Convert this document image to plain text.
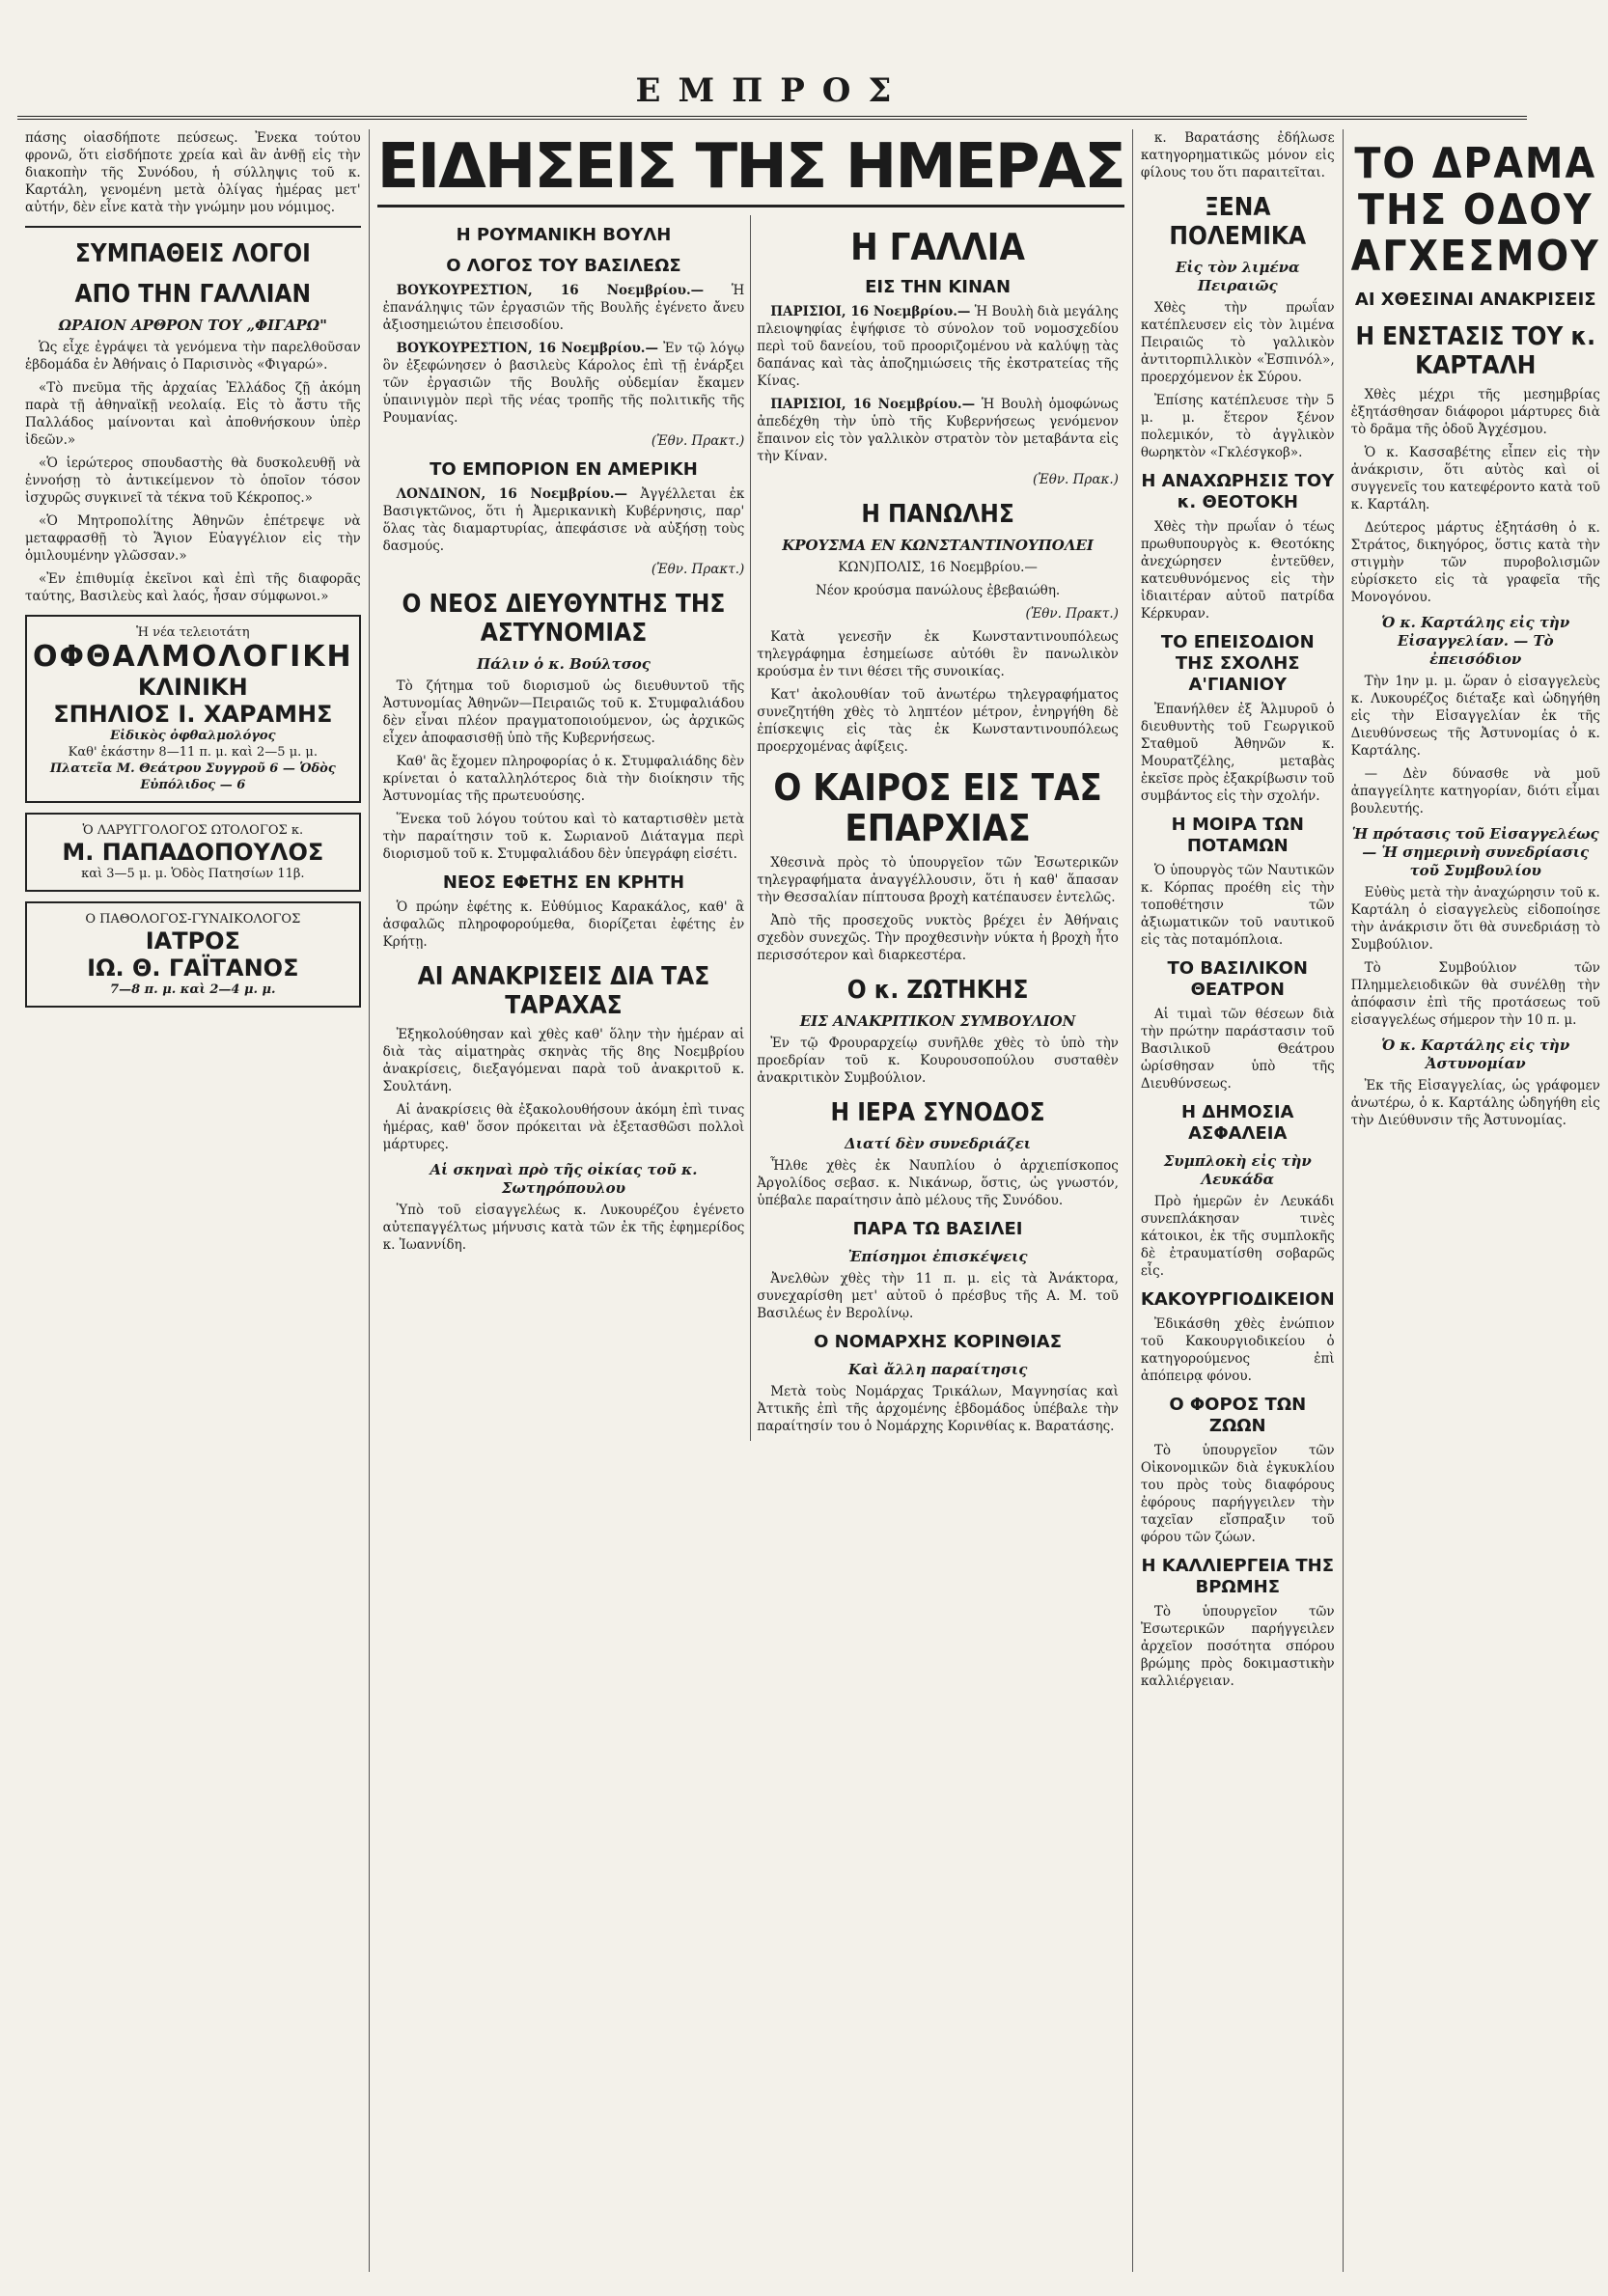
ΕΜΠΡΟΣ

πάσης οἰασδήποτε πεύσεως. Ἐνεκα τούτου φρονῶ, ὅτι εἰσδήποτε χρεία καὶ ἂν ἀνθῇ εἰς τὴν διακοπὴν τῆς Συνόδου, ἡ σύλληψις τοῦ κ. Καρτάλη, γενομένη μετὰ ὀλίγας ἡμέρας μετ' αὐτήν, δὲν εἶνε κατὰ τὴν γνώμην μου νόμιμος.

ΣΥΜΠΑΘΕΙΣ ΛΟΓΟΙ
ΑΠΟ ΤΗΝ ΓΑΛΛΙΑΝ
ΩΡΑΙΟΝ ΑΡΘΡΟΝ ΤΟΥ „ΦΙΓΑΡΩ"

Ὡς εἶχε ἐγράψει τὰ γενόμενα τὴν παρελθοῦσαν ἑβδομάδα ἐν Ἀθήναις ὁ Παρισινὸς «Φιγαρώ».

«Τὸ πνεῦμα τῆς ἀρχαίας Ἑλλάδος ζῇ ἀκόμη παρὰ τῇ ἀθηναϊκῇ νεολαίᾳ. Εἰς τὸ ἄστυ τῆς Παλλάδος μαίνονται καὶ ἀποθνήσκουν ὑπὲρ ἰδεῶν.»

«Ὁ ἱερώτερος σπουδαστὴς θὰ δυσκολευθῇ νὰ ἐννοήσῃ τὸ ἀντικείμενον τὸ ὁποῖον τόσον ἰσχυρῶς συγκινεῖ τὰ τέκνα τοῦ Κέκροπος.»

«Ὁ Μητροπολίτης Ἀθηνῶν ἐπέτρεψε νὰ μεταφρασθῇ τὸ Ἅγιον Εὐαγγέλιον εἰς τὴν ὁμιλουμένην γλῶσσαν.»

«Ἐν ἐπιθυμίᾳ ἐκεῖνοι καὶ ἐπὶ τῆς διαφορᾶς ταύτης, Βασιλεὺς καὶ λαός, ἦσαν σύμφωνοι.»

Ἡ νέα τελειοτάτη
ΟΦΘΑΛΜΟΛΟΓΙΚΗ
ΚΛΙΝΙΚΗ
ΣΠΗΛΙΟΣ Ι. ΧΑΡΑΜΗΣ
Εἰδικὸς ὀφθαλμολόγος
Καθ' ἑκάστην 8—11 π. μ. καὶ 2—5 μ. μ.
Πλατεῖα Μ. Θεάτρου Συγγροῦ 6 — Ὁδὸς Εὐπόλιδος — 6
Ὁ ΛΑΡΥΓΓΟΛΟΓΟΣ ΩΤΟΛΟΓΟΣ κ.
Μ. ΠΑΠΑΔΟΠΟΥΛΟΣ
καὶ 3—5 μ. μ. Ὁδὸς Πατησίων 11β.
Ο ΠΑΘΟΛΟΓΟΣ-ΓΥΝΑΙΚΟΛΟΓΟΣ
ΙΑΤΡΟΣ
ΙΩ. Θ. ΓΑΪΤΑΝΟΣ
7—8 π. μ. καὶ 2—4 μ. μ.
ΕΙΔΗΣΕΙΣ ΤΗΣ ΗΜΕΡΑΣ
Η ΡΟΥΜΑΝΙΚΗ ΒΟΥΛΗ
Ο ΛΟΓΟΣ ΤΟΥ ΒΑΣΙΛΕΩΣ

ΒΟΥΚΟΥΡΕΣΤΙΟΝ, 16 Νοεμβρίου.— Ἡ ἐπανάληψις τῶν ἐργασιῶν τῆς Βουλῆς ἐγένετο ἄνευ ἀξιοσημειώτου ἐπεισοδίου.

ΒΟΥΚΟΥΡΕΣΤΙΟΝ, 16 Νοεμβρίου.— Ἐν τῷ λόγῳ ὃν ἐξεφώνησεν ὁ βασιλεὺς Κάρολος ἐπὶ τῇ ἐνάρξει τῶν ἐργασιῶν τῆς Βουλῆς οὐδεμίαν ἔκαμεν ὑπαινιγμὸν περὶ τῆς νέας τροπῆς τῆς πολιτικῆς τῆς Ρουμανίας.

(Ἐθν. Πρακτ.)

ΤΟ ΕΜΠΟΡΙΟΝ ΕΝ ΑΜΕΡΙΚΗ

ΛΟΝΔΙΝΟΝ, 16 Νοεμβρίου.— Ἀγγέλλεται ἐκ Βασιγκτῶνος, ὅτι ἡ Ἀμερικανικὴ Κυβέρνησις, παρ' ὅλας τὰς διαμαρτυρίας, ἀπεφάσισε νὰ αὐξήσῃ τοὺς δασμούς.

(Ἐθν. Πρακτ.)

Ο ΝΕΟΣ ΔΙΕΥΘΥΝΤΗΣ ΤΗΣ ΑΣΤΥΝΟΜΙΑΣ
Πάλιν ὁ κ. Βούλτσος

Τὸ ζήτημα τοῦ διορισμοῦ ὡς διευθυντοῦ τῆς Ἀστυνομίας Ἀθηνῶν—Πειραιῶς τοῦ κ. Στυμφαλιάδου δὲν εἶναι πλέον πραγματοποιούμενον, ὡς ἀρχικῶς εἶχεν ἀποφασισθῇ ὑπὸ τῆς Κυβερνήσεως.

Καθ' ἃς ἔχομεν πληροφορίας ὁ κ. Στυμφαλιάδης δὲν κρίνεται ὁ καταλληλότερος διὰ τὴν διοίκησιν τῆς Ἀστυνομίας τῆς πρωτευούσης.

Ἕνεκα τοῦ λόγου τούτου καὶ τὸ καταρτισθὲν μετὰ τὴν παραίτησιν τοῦ κ. Σωριανοῦ Διάταγμα περὶ διορισμοῦ τοῦ κ. Στυμφαλιάδου δὲν ὑπεγράφη εἰσέτι.

ΝΕΟΣ ΕΦΕΤΗΣ ΕΝ ΚΡΗΤΗ

Ὁ πρώην ἐφέτης κ. Εὐθύμιος Καρακάλος, καθ' ἃ ἀσφαλῶς πληροφορούμεθα, διορίζεται ἐφέτης ἐν Κρήτῃ.

ΑΙ ΑΝΑΚΡΙΣΕΙΣ ΔΙΑ ΤΑΣ ΤΑΡΑΧΑΣ

Ἐξηκολούθησαν καὶ χθὲς καθ' ὅλην τὴν ἡμέραν αἱ διὰ τὰς αἱματηρὰς σκηνὰς τῆς 8ης Νοεμβρίου ἀνακρίσεις, διεξαγόμεναι παρὰ τοῦ ἀνακριτοῦ κ. Σουλτάνη.

Αἱ ἀνακρίσεις θὰ ἐξακολουθήσουν ἀκόμη ἐπὶ τινας ἡμέρας, καθ' ὅσον πρόκειται νὰ ἐξετασθῶσι πολλοὶ μάρτυρες.

Αἱ σκηναὶ πρὸ τῆς οἰκίας τοῦ κ. Σωτηρόπουλου

Ὑπὸ τοῦ εἰσαγγελέως κ. Λυκουρέζου ἐγένετο αὐτεπαγγέλτως μήνυσις κατὰ τῶν ἐκ τῆς ἐφημερίδος κ. Ἰωαννίδη.

Η ΓΑΛΛΙΑ
ΕΙΣ ΤΗΝ ΚΙΝΑΝ

ΠΑΡΙΣΙΟΙ, 16 Νοεμβρίου.— Ἡ Βουλὴ διὰ μεγάλης πλειοψηφίας ἐψήφισε τὸ σύνολον τοῦ νομοσχεδίου περὶ τοῦ δανείου, τοῦ προοριζομένου νὰ καλύψῃ τὰς δαπάνας καὶ τὰς ἀποζημιώσεις τῆς ἐκστρατείας τῆς Κίνας.

ΠΑΡΙΣΙΟΙ, 16 Νοεμβρίου.— Ἡ Βουλὴ ὁμοφώνως ἀπεδέχθη τὴν ὑπὸ τῆς Κυβερνήσεως γενόμενον ἔπαινον εἰς τὸν γαλλικὸν στρατὸν τὸν μεταβάντα εἰς τὴν Κίναν.

(Ἐθν. Πρακ.)

Η ΠΑΝΩΛΗΣ
ΚΡΟΥΣΜΑ ΕΝ ΚΩΝΣΤΑΝΤΙΝΟΥΠΟΛΕΙ

ΚΩΝ)ΠΟΛΙΣ, 16 Νοεμβρίου.—

Νέον κρούσμα πανώλους ἐβεβαιώθη.

(Ἐθν. Πρακτ.)

Κατὰ γενεσῆν ἐκ Κωνσταντινουπόλεως τηλεγράφημα ἐσημείωσε αὐτόθι ἓν πανωλικὸν κρούσμα ἐν τινι θέσει τῆς συνοικίας.

Κατ' ἀκολουθίαν τοῦ ἀνωτέρω τηλεγραφήματος συνεζητήθη χθὲς τὸ ληπτέον μέτρον, ἐνηργήθη δὲ ἐπίσκεψις εἰς τὰς ἐκ Κωνσταντινουπόλεως προερχομένας ἀφίξεις.

Ο ΚΑΙΡΟΣ ΕΙΣ ΤΑΣ ΕΠΑΡΧΙΑΣ

Χθεσινὰ πρὸς τὸ ὑπουργεῖον τῶν Ἐσωτερικῶν τηλεγραφήματα ἀναγγέλλουσιν, ὅτι ἡ καθ' ἅπασαν τὴν Θεσσαλίαν πίπτουσα βροχὴ κατέπαυσεν ἐντελῶς.

Ἀπὸ τῆς προσεχοῦς νυκτὸς βρέχει ἐν Ἀθήναις σχεδὸν συνεχῶς. Τὴν προχθεσινὴν νύκτα ἡ βροχὴ ἦτο περισσότερον καὶ διαρκεστέρα.

Ο κ. ΖΩΤΗΚΗΣ
ΕΙΣ ΑΝΑΚΡΙΤΙΚΟΝ ΣΥΜΒΟΥΛΙΟΝ

Ἐν τῷ Φρουραρχείῳ συνῆλθε χθὲς τὸ ὑπὸ τὴν προεδρίαν τοῦ κ. Κουρουσοπούλου συσταθὲν ἀνακριτικὸν Συμβούλιον.

Η ΙΕΡΑ ΣΥΝΟΔΟΣ
Διατί δὲν συνεδριάζει

Ἦλθε χθὲς ἐκ Ναυπλίου ὁ ἀρχιεπίσκοπος Ἀργολίδος σεβασ. κ. Νικάνωρ, ὅστις, ὡς γνωστόν, ὑπέβαλε παραίτησιν ἀπὸ μέλους τῆς Συνόδου.

ΠΑΡΑ ΤΩ ΒΑΣΙΛΕΙ
Ἐπίσημοι ἐπισκέψεις

Ἀνελθὼν χθὲς τὴν 11 π. μ. εἰς τὰ Ἀνάκτορα, συνεχαρίσθη μετ' αὐτοῦ ὁ πρέσβυς τῆς Α. Μ. τοῦ Βασιλέως ἐν Βερολίνῳ.

Ο ΝΟΜΑΡΧΗΣ ΚΟΡΙΝΘΙΑΣ
Καὶ ἄλλη παραίτησις

Μετὰ τοὺς Νομάρχας Τρικάλων, Μαγνησίας καὶ Ἀττικῆς ἐπὶ τῆς ἀρχομένης ἑβδομάδος ὑπέβαλε τὴν παραίτησίν του ὁ Νομάρχης Κορινθίας κ. Βαρατάσης.

κ. Βαρατάσης ἐδήλωσε κατηγορηματικῶς μόνον εἰς φίλους του ὅτι παραιτεῖται.

ΞΕΝΑ ΠΟΛΕΜΙΚΑ
Εἰς τὸν λιμένα Πειραιῶς

Χθὲς τὴν πρωΐαν κατέπλευσεν εἰς τὸν λιμένα Πειραιῶς τὸ γαλλικὸν ἀντιτορπιλλικὸν «Ἐσπινόλ», προερχόμενον ἐκ Σύρου.

Ἐπίσης κατέπλευσε τὴν 5 μ. μ. ἕτερον ξένον πολεμικόν, τὸ ἀγγλικὸν θωρηκτὸν «Γκλέσγκοβ».

Η ΑΝΑΧΩΡΗΣΙΣ ΤΟΥ κ. ΘΕΟΤΟΚΗ

Χθὲς τὴν πρωΐαν ὁ τέως πρωθυπουργὸς κ. Θεοτόκης ἀνεχώρησεν ἐντεῦθεν, κατευθυνόμενος εἰς τὴν ἰδιαιτέραν αὐτοῦ πατρίδα Κέρκυραν.

ΤΟ ΕΠΕΙΣΟΔΙΟΝ ΤΗΣ ΣΧΟΛΗΣ Α'ΓΙΑΝΙΟΥ

Ἐπανήλθεν ἐξ Ἁλμυροῦ ὁ διευθυντὴς τοῦ Γεωργικοῦ Σταθμοῦ Ἀθηνῶν κ. Μουρατζέλης, μεταβὰς ἐκεῖσε πρὸς ἐξακρίβωσιν τοῦ συμβάντος εἰς τὴν σχολήν.

Η ΜΟΙΡΑ ΤΩΝ ΠΟΤΑΜΩΝ

Ὁ ὑπουργὸς τῶν Ναυτικῶν κ. Κόρπας προέθη εἰς τὴν τοποθέτησιν τῶν ἀξιωματικῶν τοῦ ναυτικοῦ εἰς τὰς ποταμόπλοια.

ΤΟ ΒΑΣΙΛΙΚΟΝ ΘΕΑΤΡΟΝ

Αἱ τιμαὶ τῶν θέσεων διὰ τὴν πρώτην παράστασιν τοῦ Βασιλικοῦ Θεάτρου ὡρίσθησαν ὑπὸ τῆς Διευθύνσεως.

Η ΔΗΜΟΣΙΑ ΑΣΦΑΛΕΙΑ
Συμπλοκὴ εἰς τὴν Λευκάδα

Πρὸ ἡμερῶν ἐν Λευκάδι συνεπλάκησαν τινὲς κάτοικοι, ἐκ τῆς συμπλοκῆς δὲ ἐτραυματίσθη σοβαρῶς εἷς.

ΚΑΚΟΥΡΓΙΟΔΙΚΕΙΟΝ

Ἐδικάσθη χθὲς ἐνώπιον τοῦ Κακουργιοδικείου ὁ κατηγορούμενος ἐπὶ ἀπόπειρᾳ φόνου.

Ο ΦΟΡΟΣ ΤΩΝ ΖΩΩΝ

Τὸ ὑπουργεῖον τῶν Οἰκονομικῶν διὰ ἐγκυκλίου του πρὸς τοὺς διαφόρους ἐφόρους παρήγγειλεν τὴν ταχεῖαν εἴσπραξιν τοῦ φόρου τῶν ζώων.

Η ΚΑΛΛΙΕΡΓΕΙΑ ΤΗΣ ΒΡΩΜΗΣ

Τὸ ὑπουργεῖον τῶν Ἐσωτερικῶν παρήγγειλεν ἀρχεῖον ποσότητα σπόρου βρώμης πρὸς δοκιμαστικὴν καλλιέργειαν.

ΤΟ ΔΡΑΜΑ ΤΗΣ ΟΔΟΥ ΑΓΧΕΣΜΟΥ
ΑΙ ΧΘΕΣΙΝΑΙ ΑΝΑΚΡΙΣΕΙΣ
Η ΕΝΣΤΑΣΙΣ ΤΟΥ κ. ΚΑΡΤΑΛΗ

Χθὲς μέχρι τῆς μεσημβρίας ἐξητάσθησαν διάφοροι μάρτυρες διὰ τὸ δρᾶμα τῆς ὁδοῦ Ἀγχέσμου.

Ὁ κ. Κασσαβέτης εἶπεν εἰς τὴν ἀνάκρισιν, ὅτι αὐτὸς καὶ οἱ συγγενεῖς του κατεφέροντο κατὰ τοῦ κ. Καρτάλη.

Δεύτερος μάρτυς ἐξητάσθη ὁ κ. Στράτος, δικηγόρος, ὅστις κατὰ τὴν στιγμὴν τῶν πυροβολισμῶν εὑρίσκετο εἰς τὰ γραφεῖα τῆς Μονογόνου.

Ὁ κ. Καρτάλης εἰς τὴν Εἰσαγγελίαν. — Τὸ ἐπεισόδιον

Τὴν 1ην μ. μ. ὥραν ὁ εἰσαγγελεὺς κ. Λυκουρέζος διέταξε καὶ ὡδηγήθη εἰς τὴν Εἰσαγγελίαν ἐκ τῆς Διευθύνσεως τῆς Ἀστυνομίας ὁ κ. Καρτάλης.

— Δὲν δύνασθε νὰ μοῦ ἀπαγγείλητε κατηγορίαν, διότι εἶμαι βουλευτής.

Ἡ πρότασις τοῦ Εἰσαγγελέως — Ἡ σημερινὴ συνεδρίασις τοῦ Συμβουλίου

Εὐθὺς μετὰ τὴν ἀναχώρησιν τοῦ κ. Καρτάλη ὁ εἰσαγγελεὺς εἰδοποίησε τὴν ἀνάκρισιν ὅτι θὰ συνεδριάσῃ τὸ Συμβούλιον.

Τὸ Συμβούλιον τῶν Πλημμελειοδικῶν θὰ συνέλθῃ τὴν ἀπόφασιν ἐπὶ τῆς προτάσεως τοῦ εἰσαγγελέως σήμερον τὴν 10 π. μ.

Ὁ κ. Καρτάλης εἰς τὴν Ἀστυνομίαν

Ἐκ τῆς Εἰσαγγελίας, ὡς γράφομεν ἀνωτέρω, ὁ κ. Καρτάλης ὡδηγήθη εἰς τὴν Διεύθυνσιν τῆς Ἀστυνομίας.
